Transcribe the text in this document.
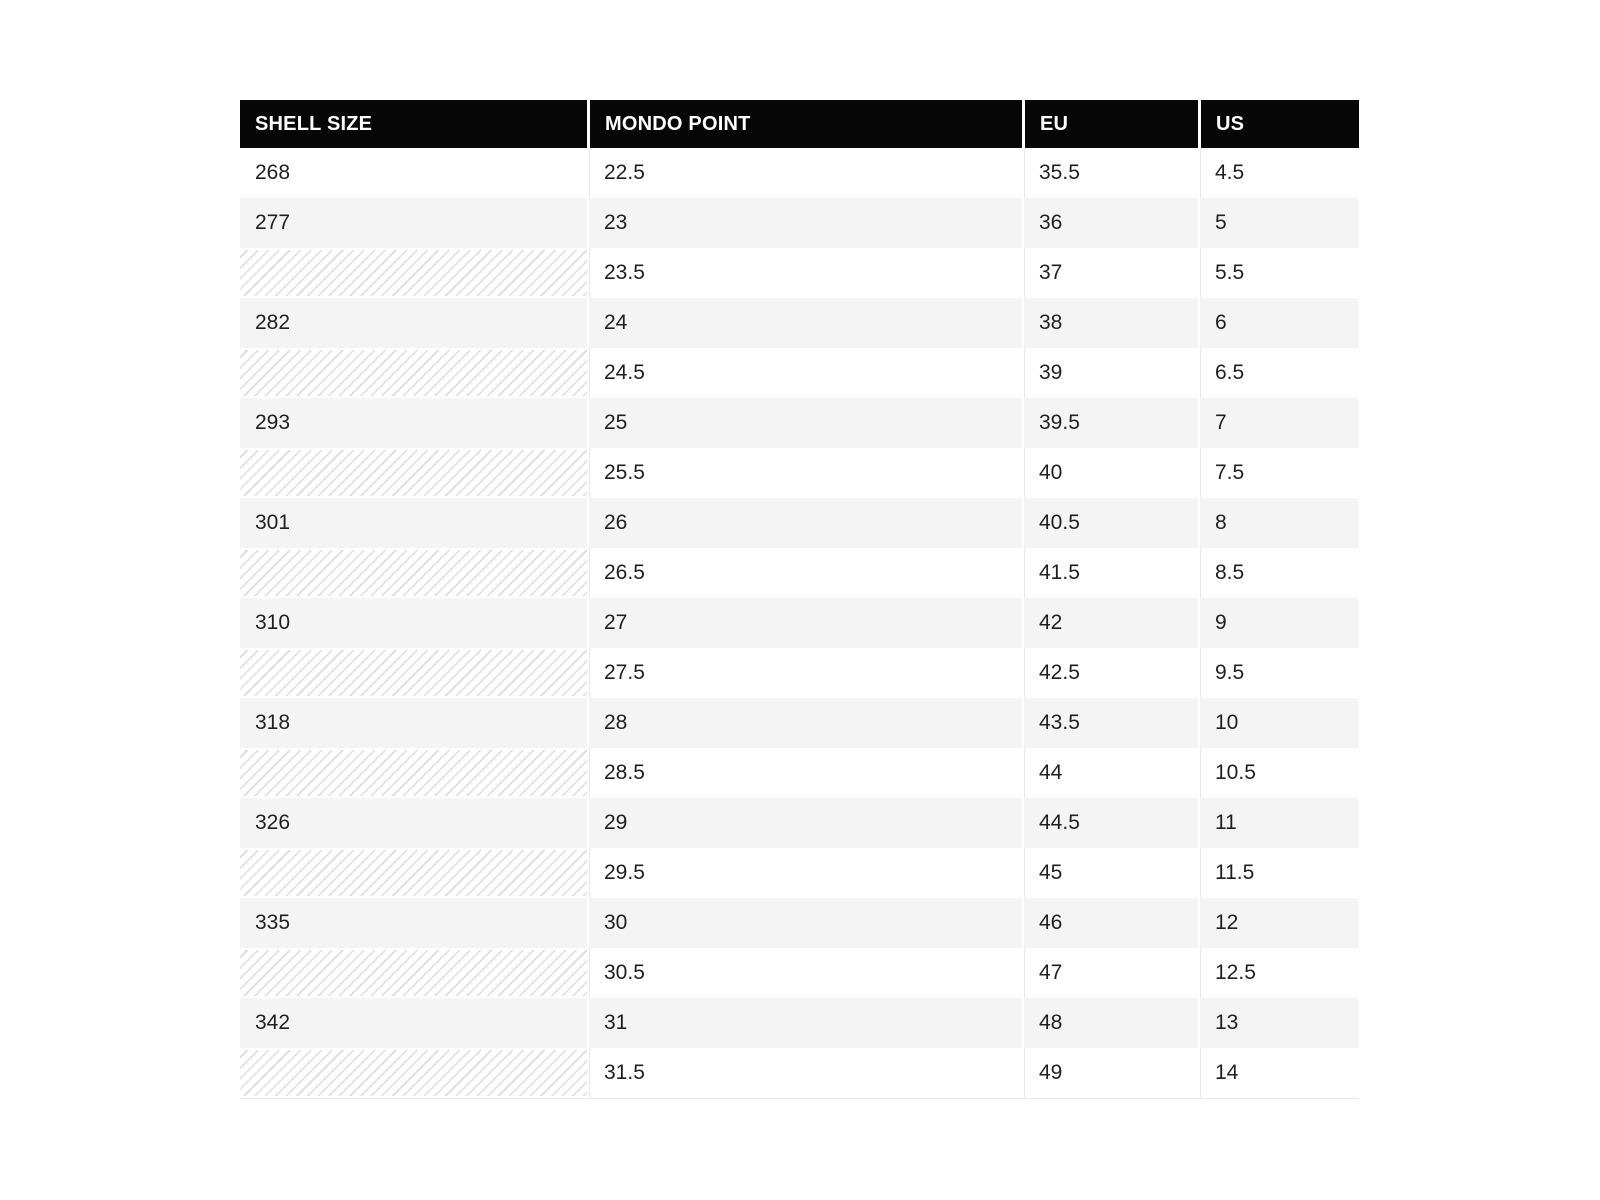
SHELL SIZE	MONDO POINT	EU	US
268	22.5	35.5	4.5
277	23	36	5
	23.5	37	5.5
282	24	38	6
	24.5	39	6.5
293	25	39.5	7
	25.5	40	7.5
301	26	40.5	8
	26.5	41.5	8.5
310	27	42	9
	27.5	42.5	9.5
318	28	43.5	10
	28.5	44	10.5
326	29	44.5	11
	29.5	45	11.5
335	30	46	12
	30.5	47	12.5
342	31	48	13
	31.5	49	14
